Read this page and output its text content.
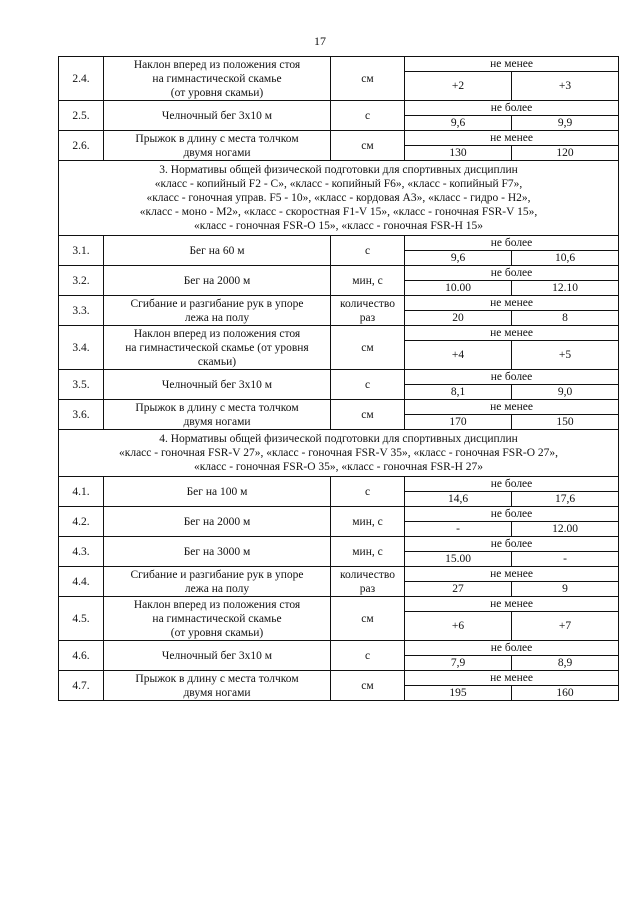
17
2.4.	Наклон вперед из положения стоя
на гимнастической скамье
(от уровня скамьи)	см	не менее	
			+2	+3
2.5.	Челночный бег 3х10 м	с	не более	
			9,6	9,9
2.6.	Прыжок в длину с места толчком
двумя ногами	см	не менее	
			130	120

3. Нормативы общей физической подготовки для спортивных дисциплин
«класс - копийный F2 - C», «класс - копийный F6», «класс - копийный F7»,
«класс - гоночная управ. F5 - 10», «класс - кордовая А3», «класс - гидро - Н2»,
«класс - моно - М2», «класс - скоростная F1-V 15», «класс - гоночная FSR-V 15»,
«класс - гоночная FSR-O 15», «класс - гоночная FSR-Н 15»				

3.1.	Бег на 60 м	с	не более	
			9,6	10,6
3.2.	Бег на 2000 м	мин, с	не более	
			10.00	12.10
3.3.	Сгибание и разгибание рук в упоре
лежа на полу	количество раз	не менее	
			20	8
3.4.	Наклон вперед из положения стоя
на гимнастической скамье (от уровня
скамьи)	см	не менее	
			+4	+5
3.5.	Челночный бег 3х10 м	с	не более	
			8,1	9,0
3.6.	Прыжок в длину с места толчком
двумя ногами	см	не менее	
			170	150

4. Нормативы общей физической подготовки для спортивных дисциплин
«класс - гоночная FSR-V 27», «класс - гоночная FSR-V 35», «класс - гоночная FSR-O 27»,
«класс - гоночная FSR-O 35», «класс - гоночная FSR-H 27»				

4.1.	Бег на 100 м	с	не более	
			14,6	17,6
4.2.	Бег на 2000 м	мин, с	не более	
			-	12.00
4.3.	Бег на 3000 м	мин, с	не более	
			15.00	-
4.4.	Сгибание и разгибание рук в упоре
лежа на полу	количество раз	не менее	
			27	9
4.5.	Наклон вперед из положения стоя
на гимнастической скамье
(от уровня скамьи)	см	не менее	
			+6	+7
4.6.	Челночный бег 3х10 м	с	не более	
			7,9	8,9
4.7.	Прыжок в длину с места толчком
двумя ногами	см	не менее	
			195	160
